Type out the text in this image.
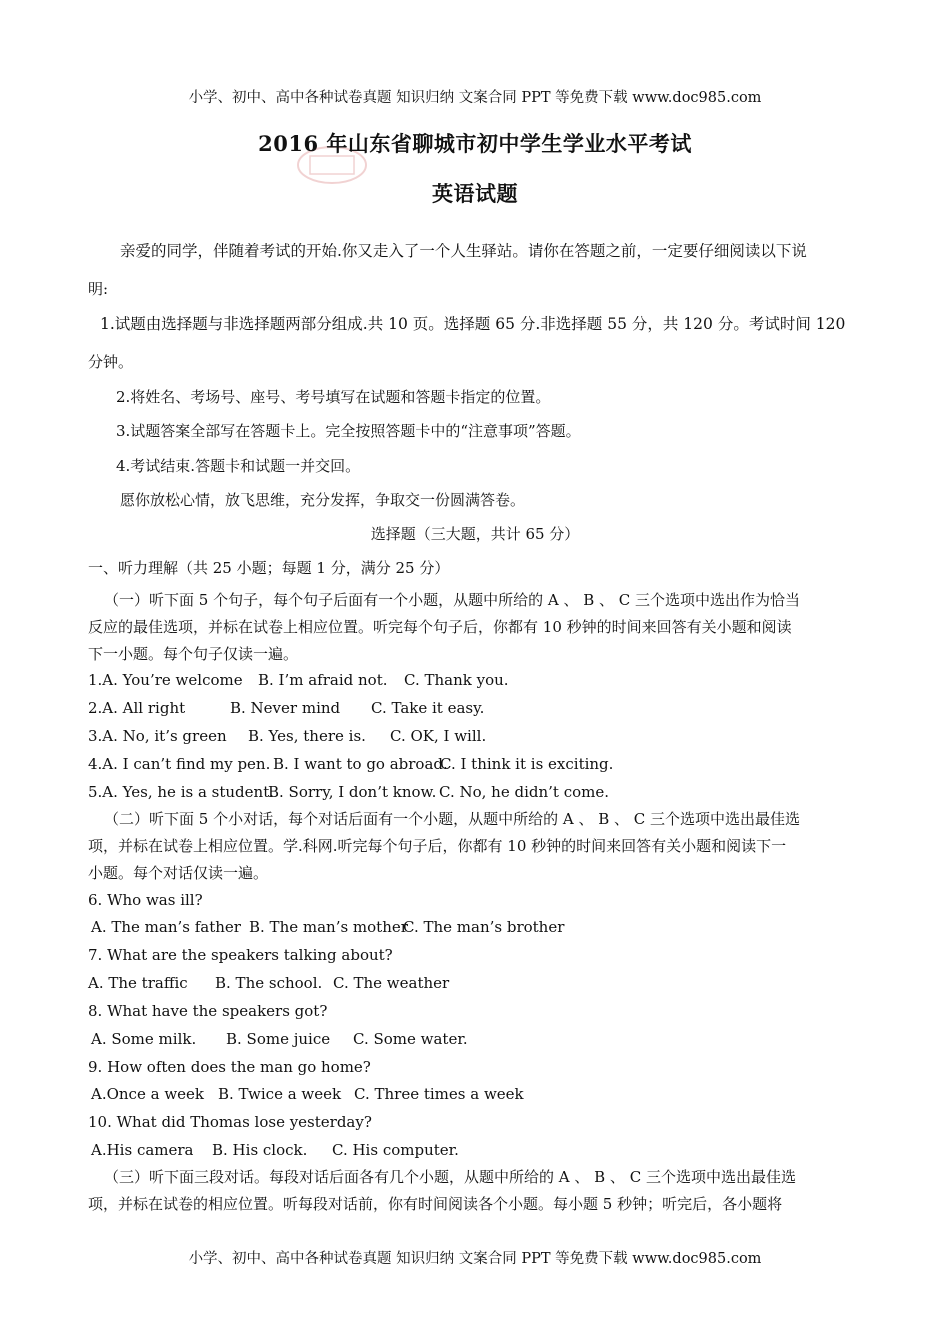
小学、初中、高中各种试卷真题 知识归纳 文案合同 PPT 等免费下载 www.doc985.com
2016 年山东省聊城市初中学生学业水平考试
英语试题
亲爱的同学，伴随着考试的开始.你又走入了一个人生驿站。请你在答题之前，一定要仔细阅读以下说
明:
1.试题由选择题与非选择题两部分组成.共 10 页。选择题 65 分.非选择题 55 分，共 120 分。考试时间 120
分钟。
2.将姓名、考场号、座号、考号填写在试题和答题卡指定的位置。
3.试题答案全部写在答题卡上。完全按照答题卡中的“注意事项”答题。
4.考试结束.答题卡和试题一并交回。
愿你放松心情，放飞思维，充分发挥，争取交一份圆满答卷。
选择题（三大题，共计 65 分）
一、听力理解（共 25 小题；每题 1 分，满分 25 分）
（一）听下面 5 个句子，每个句子后面有一个小题，从题中所给的 A 、 B 、 C 三个选项中选出作为恰当
反应的最佳选项，并标在试卷上相应位置。听完每个句子后，你都有 10 秒钟的时间来回答有关小题和阅读
下一小题。每个句子仅读一遍。
1.A. You’re welcome B. I’m afraid not. C. Thank you.
2.A. All right	B. Never mind C. Take it easy.
3.A. No, it’s green B. Yes, there is. C. OK, I will.
4.A. I can’t find my pen. B. I want to go abroad.C. I think it is exciting.
5.A. Yes, he is a student.B. Sorry, I don’t know. C. No, he didn’t come.
（二）听下面 5 个小对话，每个对话后面有一个小题，从题中所给的 A 、 B 、 C 三个选项中选出最佳选
项，并标在试卷上相应位置。学.科网.听完每个句子后，你都有 10 秒钟的时间来回答有关小题和阅读下一
小题。每个对话仅读一遍。
6. Who was ill?
A. The man’s father B. The man’s motherC. The man’s brother
7. What are the speakers talking about?
A. The traffic B. The school. C. The weather
8. What have the speakers got?
A. Some milk. B. Some juice C. Some water.
9. How often does the man go home?
A.Once a week B. Twice a week C. Three times a week
10. What did Thomas lose yesterday?
A.His camera B. His clock. C. His computer.
（三）听下面三段对话。每段对话后面各有几个小题，从题中所给的 A 、 B 、 C 三个选项中选出最佳选
项，并标在试卷的相应位置。听每段对话前，你有时间阅读各个小题。每小题 5 秒钟；听完后，各小题将
小学、初中、高中各种试卷真题 知识归纳 文案合同 PPT 等免费下载 www.doc985.com
